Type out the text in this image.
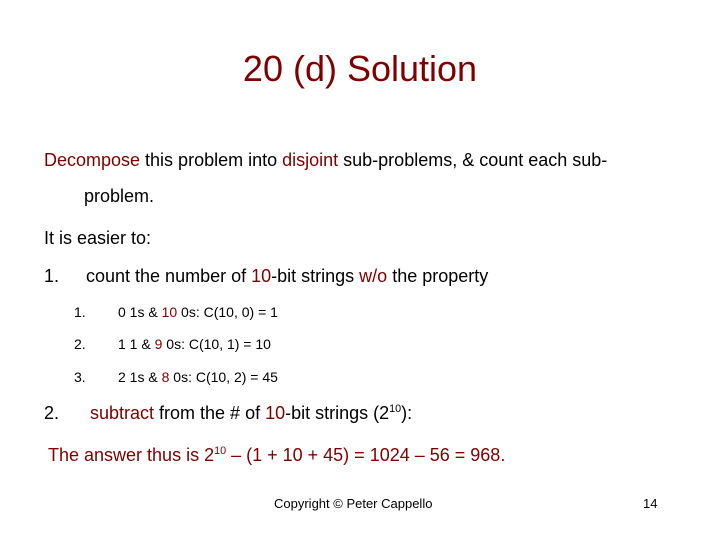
20 (d) Solution
Decompose this problem into disjoint sub-problems, & count each sub-
problem.
It is easier to:
1. count the number of 10-bit strings w/o the property
1. 0 1s & 10 0s: C(10, 0) = 1
2. 1 1 & 9 0s: C(10, 1) = 10
3. 2 1s & 8 0s: C(10, 2) = 45
2. subtract from the # of 10-bit strings $(2^{10})$:
The answer thus is $2^{10} - (1 + 10 + 45) = 1024 - 56 = 968$.
Copyright © Peter Cappello	14
